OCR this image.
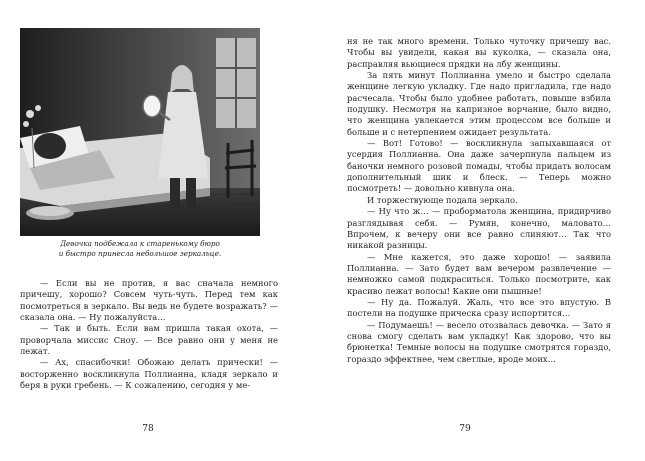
Девочка подбежала к старенькому бюро
и быстро принесла небольшое зеркальце.

— Если вы не против, я вас сначала немного причешу, хорошо? Совсем чуть-чуть. Перед тем как посмотреться в зеркало. Вы ведь не будете возражать? — сказала она. — Ну пожалуйста…

— Так и быть. Если вам пришла такая охота, — проворчала миссис Сноу. — Все равно они у меня не лежат.

— Ах, спасибочки! Обожаю делать прически! — восторженно воскликнула Поллианна, кладя зеркало и беря в руки гребень. — К сожалению, сегодня у ме-

78

ня не так много времени. Только чуточку причешу вас. Чтобы вы увидели, какая вы куколка, — сказала она, расправляя вьющиеся прядки на лбу женщины.

За пять минут Поллианна умело и быстро сделала женщине легкую укладку. Где надо пригладила, где надо расчесала. Чтобы было удобнее работать, повыше взбила подушку. Несмотря на капризное ворчание, было видно, что женщина увлекается этим процессом все больше и больше и с нетерпением ожидает результата.

— Вот! Готово! — воскликнула запыхавшаяся от усердия Поллианна. Она даже зачерпнула пальцем из баночки немного розовой помады, чтобы придать волосам дополнительный шик и блеск. — Теперь можно посмотреть! — довольно кивнула она.

И торжествующе подала зеркало.

— Ну что ж… — проборматола женщина, придирчиво разглядывая себя. — Румян, конечно, маловато… Впрочем, к вечеру они все равно слиняют… Так что никакой разницы.

— Мне кажется, это даже хорошо! — заявила Поллианна. — Зато будет вам вечером развлечение — немножко самой подкраситься. Только посмотрите, как красиво лежат волосы! Какие они пышные!

— Ну да. Пожалуй. Жаль, что все это впустую. В постели на подушке прическа сразу испортится…

— Подумаешь! — весело отозвалась девочка. — Зато я снова смогу сделать вам укладку! Как здорово, что вы брюнетка! Темные волосы на подушке смотрятся гораздо, гораздо эффектнее, чем светлые, вроде моих…

79
